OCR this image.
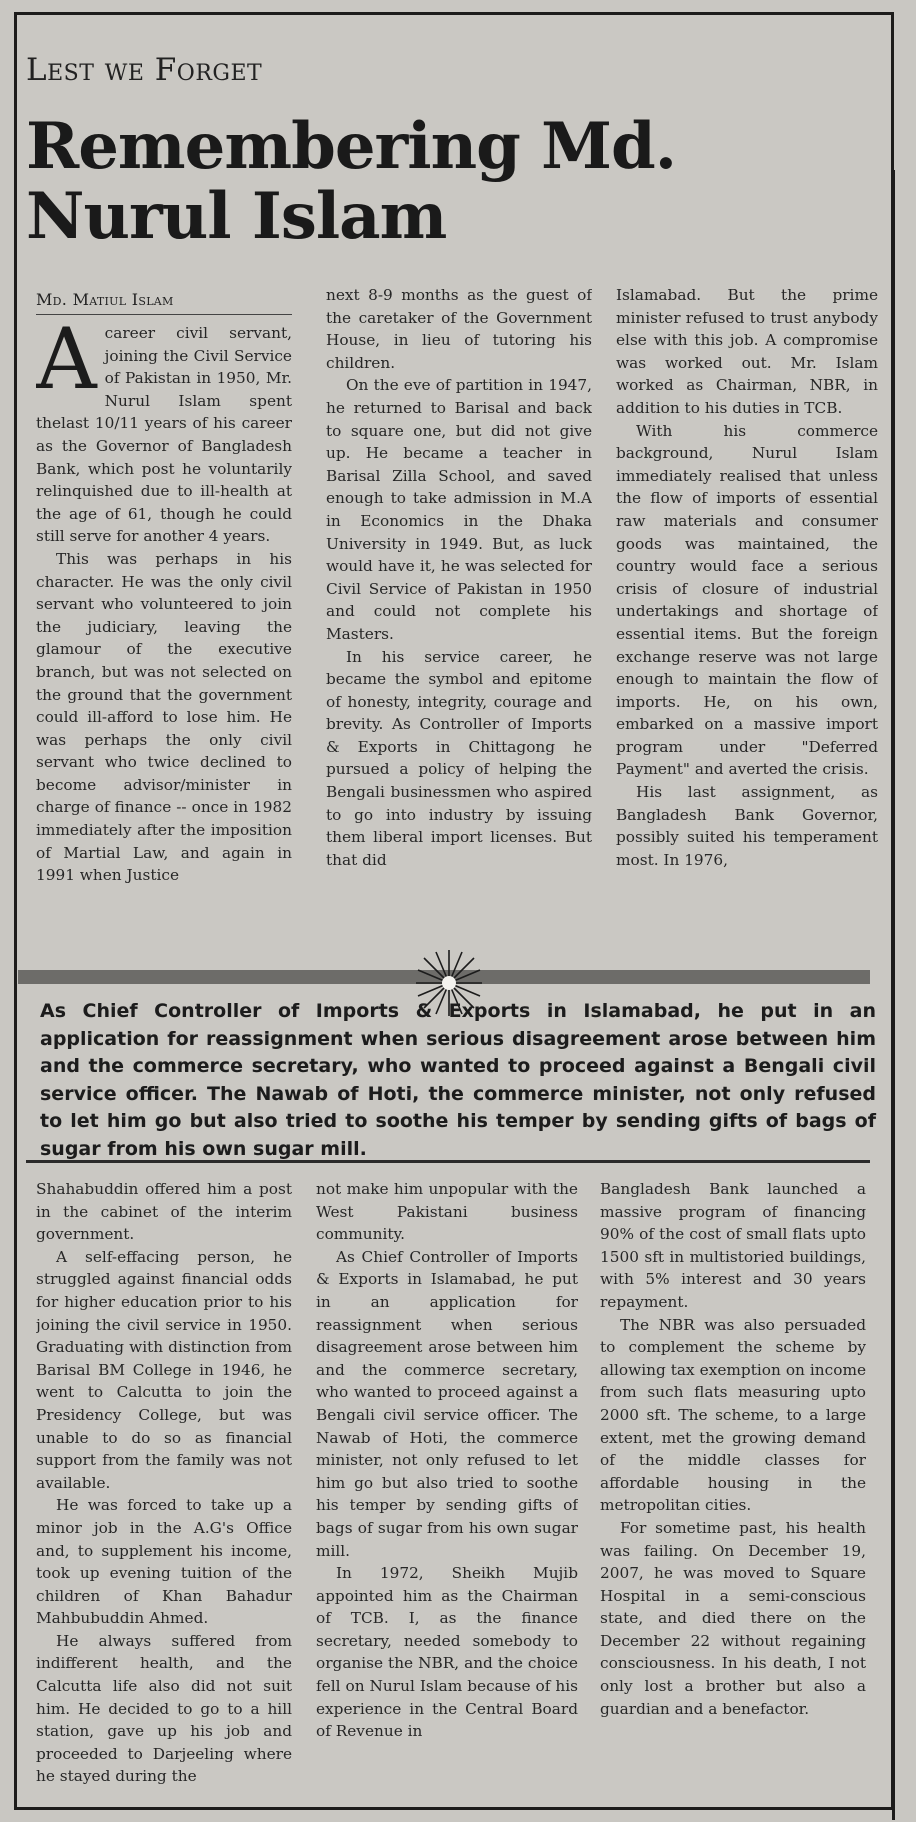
Lest we Forget
Remembering Md. Nurul Islam
Md. Matiul Islam

Acareer civil servant, joining the Civil Service of Pakistan in 1950, Mr. Nurul Islam spent thelast 10/11 years of his career as the Governor of Bangladesh Bank, which post he voluntarily relinquished due to ill-health at the age of 61, though he could still serve for another 4 years.

This was perhaps in his character. He was the only civil servant who volunteered to join the judiciary, leaving the glamour of the executive branch, but was not selected on the ground that the government could ill-afford to lose him. He was perhaps the only civil servant who twice declined to become advisor/minister in charge of finance -- once in 1982 immediately after the imposition of Martial Law, and again in 1991 when Justice

next 8-9 months as the guest of the caretaker of the Government House, in lieu of tutoring his children.

On the eve of partition in 1947, he returned to Barisal and back to square one, but did not give up. He became a teacher in Barisal Zilla School, and saved enough to take admission in M.A in Economics in the Dhaka University in 1949. But, as luck would have it, he was selected for Civil Service of Pakistan in 1950 and could not complete his Masters.

In his service career, he became the symbol and epitome of honesty, integrity, courage and brevity. As Controller of Imports & Exports in Chittagong he pursued a policy of helping the Bengali businessmen who aspired to go into industry by issuing them liberal import licenses. But that did

Islamabad. But the prime minister refused to trust anybody else with this job. A compromise was worked out. Mr. Islam worked as Chairman, NBR, in addition to his duties in TCB.

With his commerce background, Nurul Islam immediately realised that unless the flow of imports of essential raw materials and consumer goods was maintained, the country would face a serious crisis of closure of industrial undertakings and shortage of essential items. But the foreign exchange reserve was not large enough to maintain the flow of imports. He, on his own, embarked on a massive import program under "Deferred Payment" and averted the crisis.

His last assignment, as Bangladesh Bank Governor, possibly suited his temperament most. In 1976,

As Chief Controller of Imports & Exports in Islamabad, he put in an application for reassignment when serious disagreement arose between him and the commerce secretary, who wanted to proceed against a Bengali civil service officer. The Nawab of Hoti, the commerce minister, not only refused to let him go but also tried to soothe his temper by sending gifts of bags of sugar from his own sugar mill.

Shahabuddin offered him a post in the cabinet of the interim government.

A self-effacing person, he struggled against financial odds for higher education prior to his joining the civil service in 1950. Graduating with distinction from Barisal BM College in 1946, he went to Calcutta to join the Presidency College, but was unable to do so as financial support from the family was not available.

He was forced to take up a minor job in the A.G's Office and, to supplement his income, took up evening tuition of the children of Khan Bahadur Mahbubuddin Ahmed.

He always suffered from indifferent health, and the Calcutta life also did not suit him. He decided to go to a hill station, gave up his job and proceeded to Darjeeling where he stayed during the

not make him unpopular with the West Pakistani business community.

As Chief Controller of Imports & Exports in Islamabad, he put in an application for reassignment when serious disagreement arose between him and the commerce secretary, who wanted to proceed against a Bengali civil service officer. The Nawab of Hoti, the commerce minister, not only refused to let him go but also tried to soothe his temper by sending gifts of bags of sugar from his own sugar mill.

In 1972, Sheikh Mujib appointed him as the Chairman of TCB. I, as the finance secretary, needed somebody to organise the NBR, and the choice fell on Nurul Islam because of his experience in the Central Board of Revenue in

Bangladesh Bank launched a massive program of financing 90% of the cost of small flats upto 1500 sft in multistoried buildings, with 5% interest and 30 years repayment.

The NBR was also persuaded to complement the scheme by allowing tax exemption on income from such flats measuring upto 2000 sft. The scheme, to a large extent, met the growing demand of the middle classes for affordable housing in the metropolitan cities.

For sometime past, his health was failing. On December 19, 2007, he was moved to Square Hospital in a semi-conscious state, and died there on the December 22 without regaining consciousness. In his death, I not only lost a brother but also a guardian and a benefactor.
